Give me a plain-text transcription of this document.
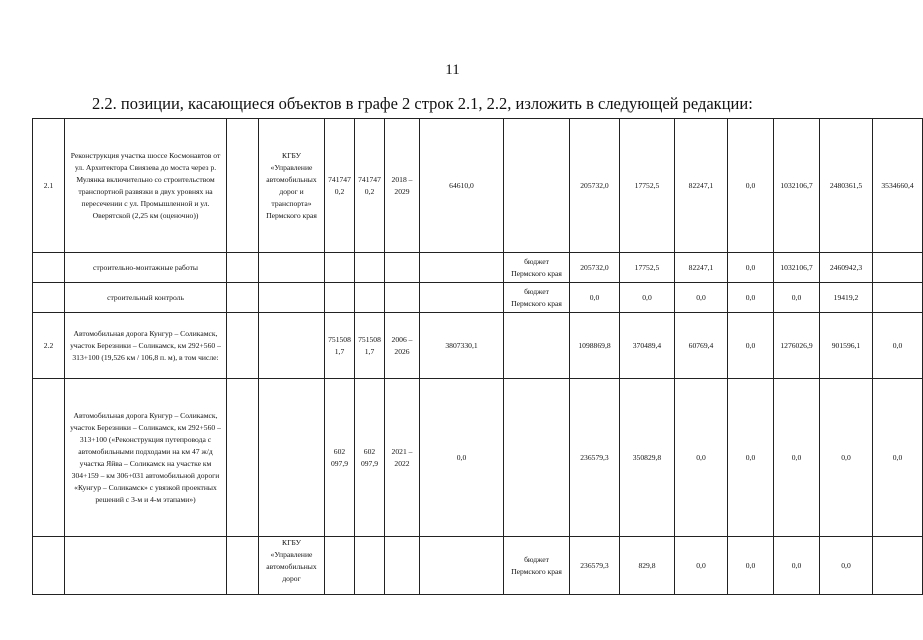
11
2.2. позиции, касающиеся объектов в графе 2 строк 2.1, 2.2, изложить в следующей редакции:
2.1	Реконструкция участка шоссе Космонавтов от ул. Архитектора Свиязева до моста через р. Мулянка включительно со строительством транспортной развязки в двух уровнях на пересечении с ул. Промышленной и ул. Оверятской (2,25 км (оценочно))		КГБУ «Управление автомобильных дорог и транспорта» Пермского края	741747 0,2	741747 0,2	2018 – 2029	64610,0		205732,0	17752,5	82247,1	0,0	1032106,7	2480361,5	3534660,4
	строительно-монтажные работы							бюджет Пермского края	205732,0	17752,5	82247,1	0,0	1032106,7	2460942,3	
	строительный контроль							бюджет Пермского края	0,0	0,0	0,0	0,0	0,0	19419,2	
2.2	Автомобильная дорога Кунгур – Соликамск, участок Березники – Соликамск, км 292+560 – 313+100 (19,526 км / 106,8 п. м), в том числе:			751508 1,7	751508 1,7	2006 – 2026	3807330,1		1098869,8	370489,4	60769,4	0,0	1276026,9	901596,1	0,0
	Автомобильная дорога Кунгур – Соликамск, участок Березники – Соликамск, км 292+560 – 313+100 («Реконструкция путепровода с автомобильными подходами на км 47 ж/д участка Яйва – Соликамск на участке км 304+159 – км 306+031 автомобильной дороги «Кунгур – Соликамск» с увязкой проектных решений с 3-м и 4-м этапами»)			602 097,9	602 097,9	2021 – 2022	0,0		236579,3	350829,8	0,0	0,0	0,0	0,0	0,0
			КГБУ «Управление автомобильных дорог					бюджет Пермского края	236579,3	829,8	0,0	0,0	0,0	0,0	
